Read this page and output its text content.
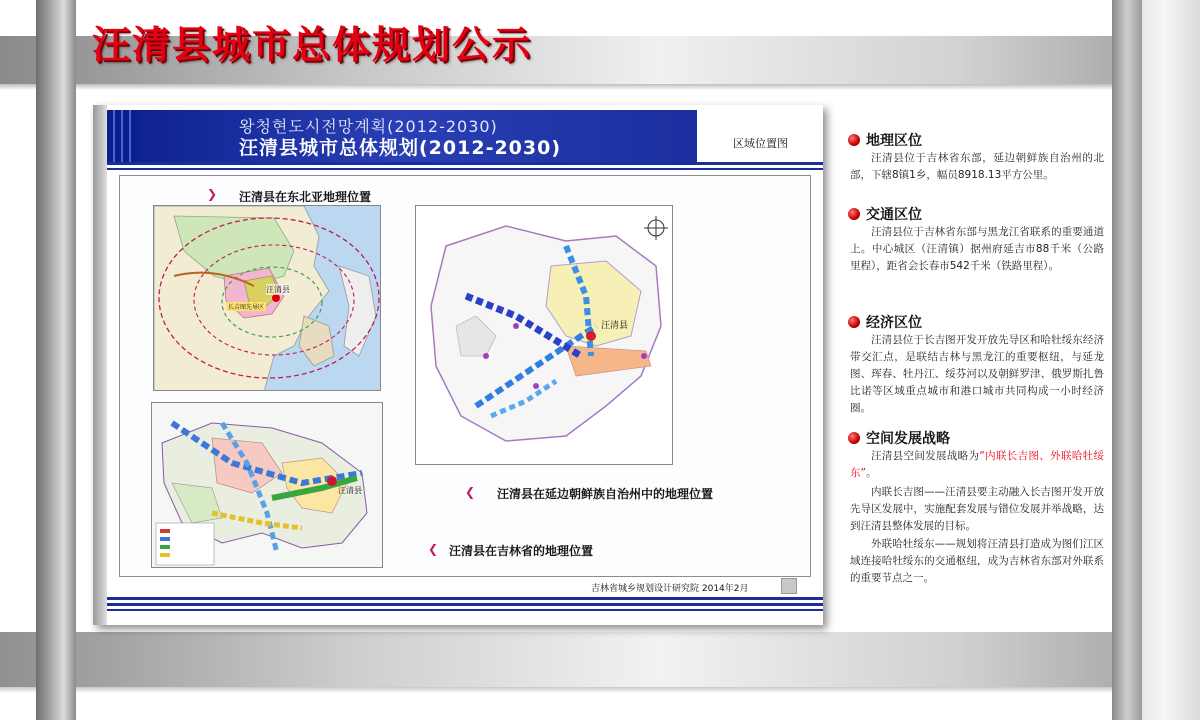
汪清县城市总体规划公示
왕청현도시전망계획(2012-2030)
汪清县城市总体规划(2012-2030)	区域位置图
❯ 汪清县在东北亚地理位置
汪清县
长吉图先导区
汪清县
❮ 汪清县在延边朝鲜族自治州中的地理位置
汪清县
❮ 汪清县在吉林省的地理位置
吉林省城乡规划设计研究院 2014年2月
地理区位
汪清县位于吉林省东部，延边朝鲜族自治州的北部，下辖8镇1乡，幅员8918.13平方公里。
交通区位
汪清县位于吉林省东部与黑龙江省联系的重要通道上。中心城区（汪清镇）据州府延吉市88千米（公路里程），距省会长春市542千米（铁路里程）。
经济区位
汪清县位于长吉图开发开放先导区和哈牡绥东经济带交汇点，是联结吉林与黑龙江的重要枢纽，与延龙图、珲春、牡丹江、绥芬河以及朝鲜罗津、俄罗斯扎鲁比诺等区域重点城市和港口城市共同构成一小时经济圈。
空间发展战略
汪清县空间发展战略为“内联长吉图、外联哈牡绥东”。
内联长吉图——汪清县要主动融入长吉图开发开放先导区发展中，实施配套发展与错位发展并举战略，达到汪清县整体发展的目标。
外联哈牡绥东——规划将汪清县打造成为图们江区域连接哈牡绥东的交通枢纽，成为吉林省东部对外联系的重要节点之一。
